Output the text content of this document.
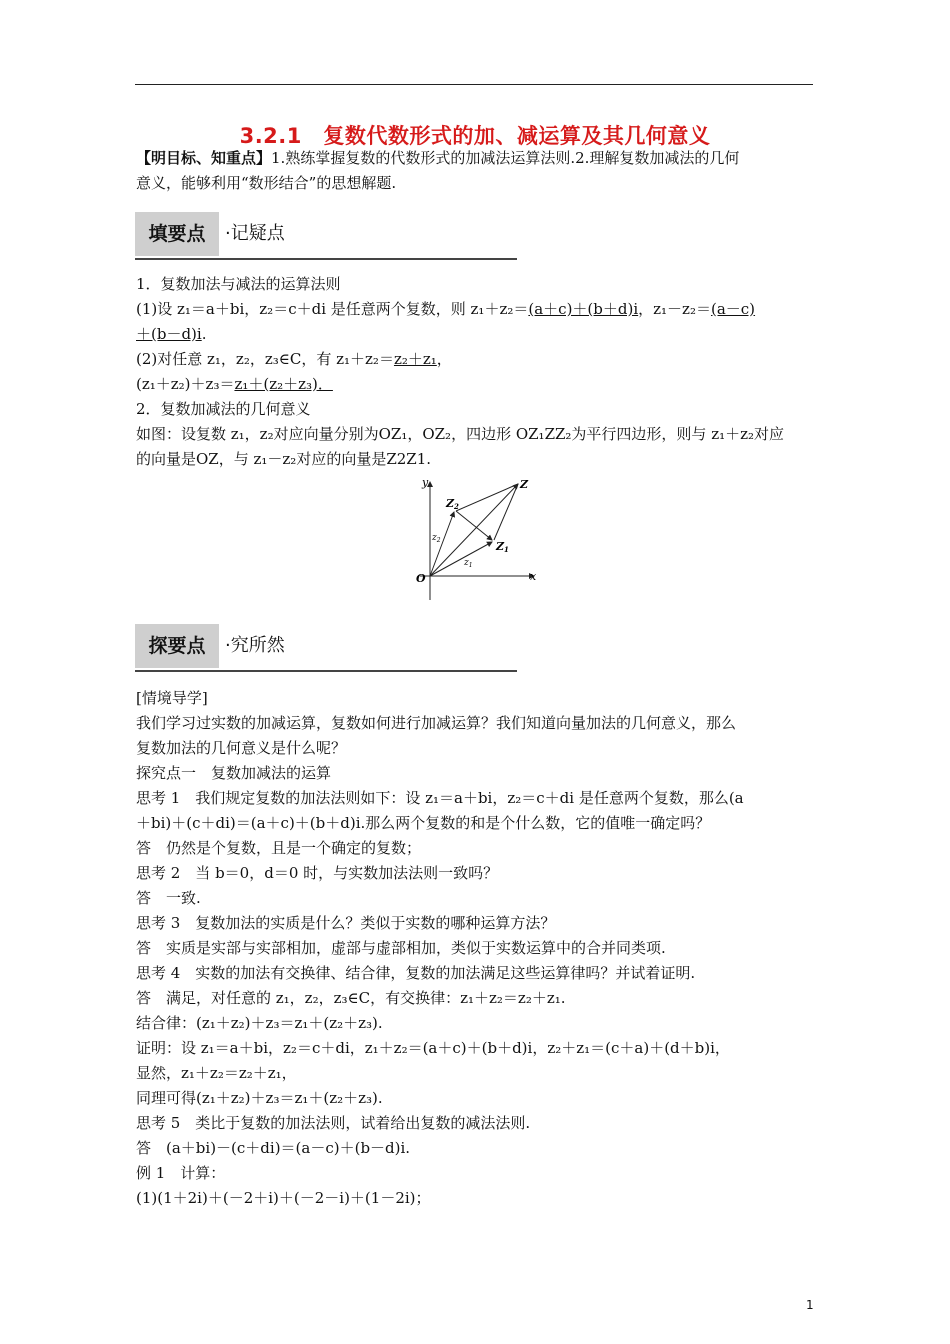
3.2.1　复数代数形式的加、减运算及其几何意义
【明目标、知重点】1.熟练掌握复数的代数形式的加减法运算法则.2.理解复数加减法的几何
意义，能够利用“数形结合”的思想解题.
填要点	·记疑点
1．复数加法与减法的运算法则
(1)设 z₁＝a＋bi，z₂＝c＋di 是任意两个复数，则 z₁＋z₂＝(a＋c)＋(b＋d)i，z₁－z₂＝(a－c)
＋(b－d)i.
(2)对任意 z₁，z₂，z₃∈C，有 z₁＋z₂＝z₂＋z₁，
(z₁＋z₂)＋z₃＝z₁＋(z₂＋z₃)．
2．复数加减法的几何意义
如图：设复数 z₁，z₂对应向量分别为OZ₁，OZ₂，四边形 OZ₁ZZ₂为平行四边形，则与 z₁＋z₂对应
的向量是OZ，与 z₁－z₂对应的向量是Z2Z1.
y
x
O
Z
Z1
Z2
$z_1$
$z_2$
探要点	·究所然
[情境导学]
我们学习过实数的加减运算，复数如何进行加减运算？我们知道向量加法的几何意义，那么
复数加法的几何意义是什么呢？
探究点一　复数加减法的运算
思考 1　我们规定复数的加法法则如下：设 z₁＝a＋bi，z₂＝c＋di 是任意两个复数，那么(a
＋bi)＋(c＋di)＝(a＋c)＋(b＋d)i.那么两个复数的和是个什么数，它的值唯一确定吗？
答　仍然是个复数，且是一个确定的复数；
思考 2　当 b＝0，d＝0 时，与实数加法法则一致吗？
答　一致.
思考 3　复数加法的实质是什么？类似于实数的哪种运算方法？
答　实质是实部与实部相加，虚部与虚部相加，类似于实数运算中的合并同类项.
思考 4　实数的加法有交换律、结合律，复数的加法满足这些运算律吗？并试着证明.
答　满足，对任意的 z₁，z₂，z₃∈C，有交换律：z₁＋z₂＝z₂＋z₁.
结合律：(z₁＋z₂)＋z₃＝z₁＋(z₂＋z₃).
证明：设 z₁＝a＋bi，z₂＝c＋di，z₁＋z₂＝(a＋c)＋(b＋d)i，z₂＋z₁＝(c＋a)＋(d＋b)i，
显然，z₁＋z₂＝z₂＋z₁，
同理可得(z₁＋z₂)＋z₃＝z₁＋(z₂＋z₃).
思考 5　类比于复数的加法法则，试着给出复数的减法法则.
答　(a＋bi)－(c＋di)＝(a－c)＋(b－d)i.
例 1　计算：
(1)(1＋2i)＋(－2＋i)＋(－2－i)＋(1－2i)；
1
